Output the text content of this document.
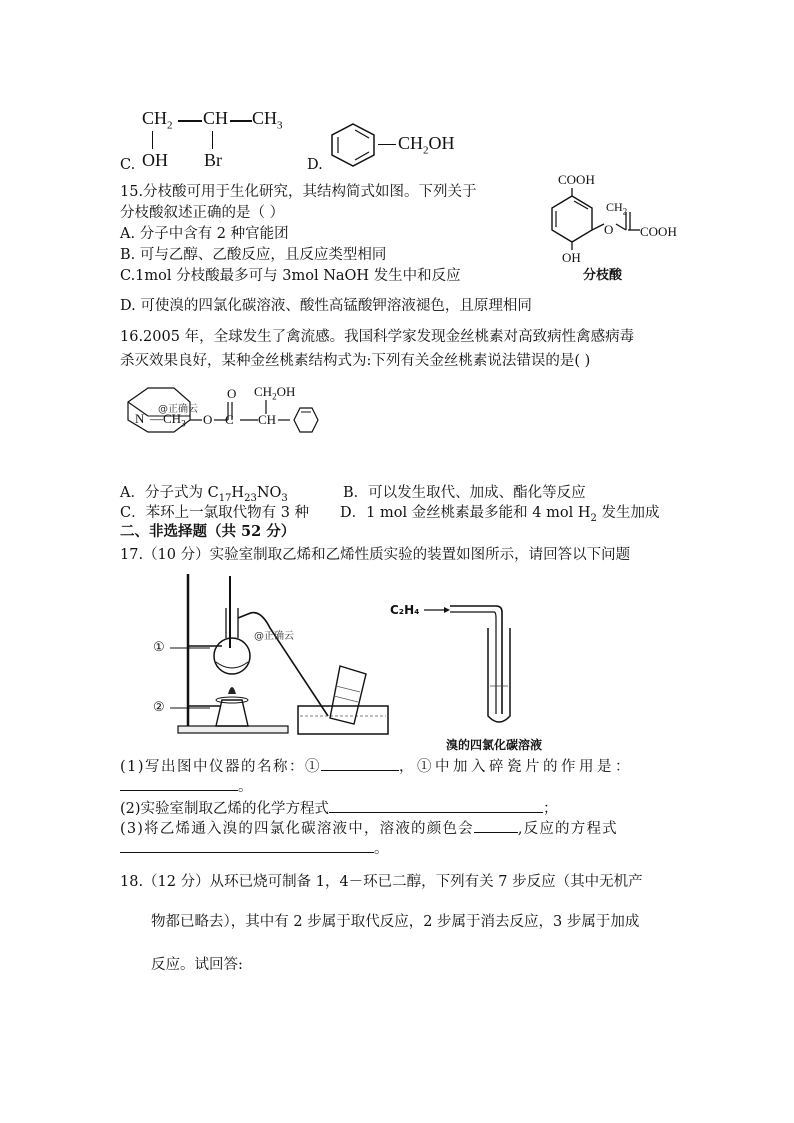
$CH_2$ CH $CH_3$
C. OH Br	D.
$CH_2OH$
15.分枝酸可用于生化研究，其结构简式如图。下列关于
分枝酸叙述正确的是（ ）
A. 分子中含有 2 种官能团
B. 可与乙醇、乙酸反应，且反应类型相同
C.1mol 分枝酸最多可与 3mol NaOH 发生中和反应
D. 可使溴的四氯化碳溶液、酸性高锰酸钾溶液褪色，且原理相同
COOH
O
$CH_2$
COOH
OH
分枝酸
16.2005 年，全球发生了禽流感。我国科学家发现金丝桃素对高致病性禽感病毒
杀灭效果良好，某种金丝桃素结构式为:下列有关金丝桃素说法错误的是( )
N $—CH_3$
@正确云
O
O
C CH
$CH_2OH$
A．分子式为 $C_{17}H_{23}NO_3$	B．可以发生取代、加成、酯化等反应
C．苯环上一氯取代物有 3 种 D．1 mol 金丝桃素最多能和 4 mol $H_2$ 发生加成
二、非选择题（共 52 分）
17.（10 分）实验室制取乙烯和乙烯性质实验的装置如图所示，请回答以下问题
①
②
@正确云
C₂H₄
溴的四氯化碳溶液
(1)写出图中仪器的名称：①	，①中加入碎瓷片的作用是：
。
(2)实验室制取乙烯的化学方程式	；
(3)将乙烯通入溴的四氯化碳溶液中，溶液的颜色会	,反应的方程式
。
18.（12 分）从环已烧可制备 1，4－环已二醇，下列有关 7 步反应（其中无机产
物都已略去），其中有 2 步属于取代反应，2 步属于消去反应，3 步属于加成
反应。试回答:
